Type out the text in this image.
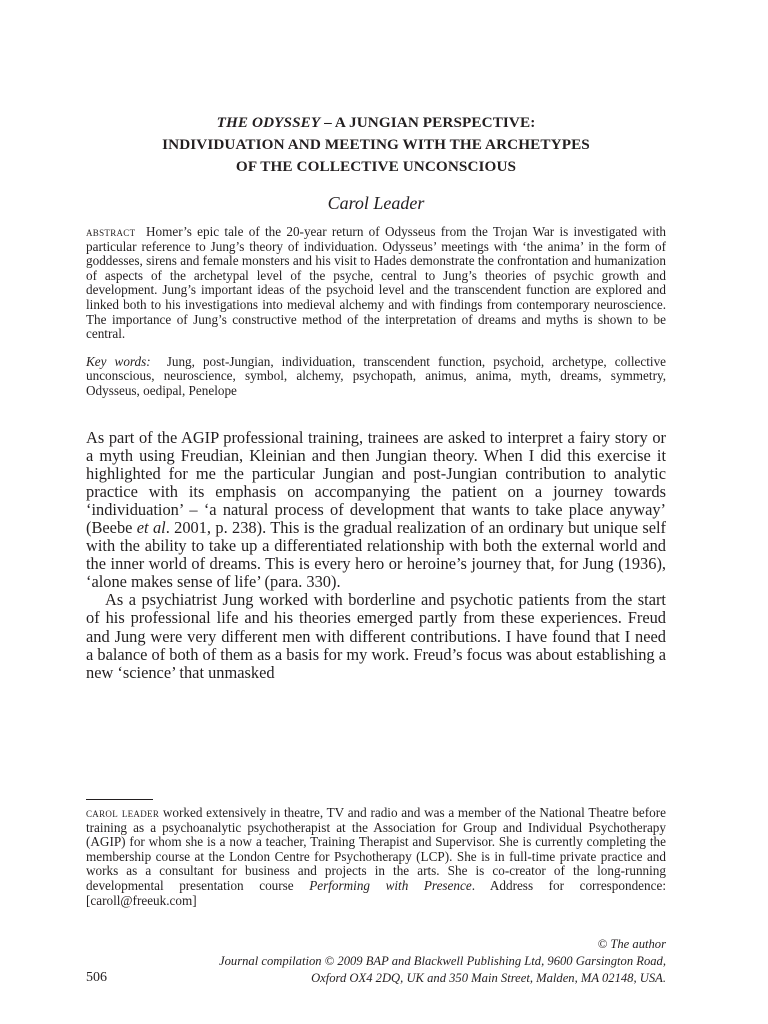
THE ODYSSEY – A JUNGIAN PERSPECTIVE:
INDIVIDUATION AND MEETING WITH THE ARCHETYPES
OF THE COLLECTIVE UNCONSCIOUS
Carol Leader
abstract Homer’s epic tale of the 20-year return of Odysseus from the Trojan War is investigated with particular reference to Jung’s theory of individuation. Odysseus’ meetings with ‘the anima’ in the form of goddesses, sirens and female monsters and his visit to Hades demonstrate the confrontation and humanization of aspects of the archetypal level of the psyche, central to Jung’s theories of psychic growth and development. Jung’s important ideas of the psychoid level and the transcendent function are explored and linked both to his investigations into medieval alchemy and with findings from contemporary neuroscience. The importance of Jung’s constructive method of the interpretation of dreams and myths is shown to be central.
Key words: Jung, post-Jungian, individuation, transcendent function, psychoid, archetype, collective unconscious, neuroscience, symbol, alchemy, psychopath, animus, anima, myth, dreams, symmetry, Odysseus, oedipal, Penelope

As part of the AGIP professional training, trainees are asked to interpret a fairy story or a myth using Freudian, Kleinian and then Jungian theory. When I did this exercise it highlighted for me the particular Jungian and post-Jungian contribution to analytic practice with its emphasis on accompanying the patient on a journey towards ‘individuation’ – ‘a natural process of development that wants to take place anyway’ (Beebe et al. 2001, p. 238). This is the gradual realization of an ordinary but unique self with the ability to take up a differentiated relationship with both the external world and the inner world of dreams. This is every hero or heroine’s journey that, for Jung (1936), ‘alone makes sense of life’ (para. 330).

As a psychiatrist Jung worked with borderline and psychotic patients from the start of his professional life and his theories emerged partly from these experiences. Freud and Jung were very different men with different contributions. I have found that I need a balance of both of them as a basis for my work. Freud’s focus was about establishing a new ‘science’ that unmasked

carol leader worked extensively in theatre, TV and radio and was a member of the National Theatre before training as a psychoanalytic psychotherapist at the Association for Group and Individual Psychotherapy (AGIP) for whom she is a now a teacher, Training Therapist and Supervisor. She is currently completing the membership course at the London Centre for Psychotherapy (LCP). She is in full-time private practice and works as a consultant for business and projects in the arts. She is co-creator of the long-running developmental presentation course Performing with Presence. Address for correspondence: [caroll@freeuk.com]
© The author
Journal compilation © 2009 BAP and Blackwell Publishing Ltd, 9600 Garsington Road,
Oxford OX4 2DQ, UK and 350 Main Street, Malden, MA 02148, USA.
506
